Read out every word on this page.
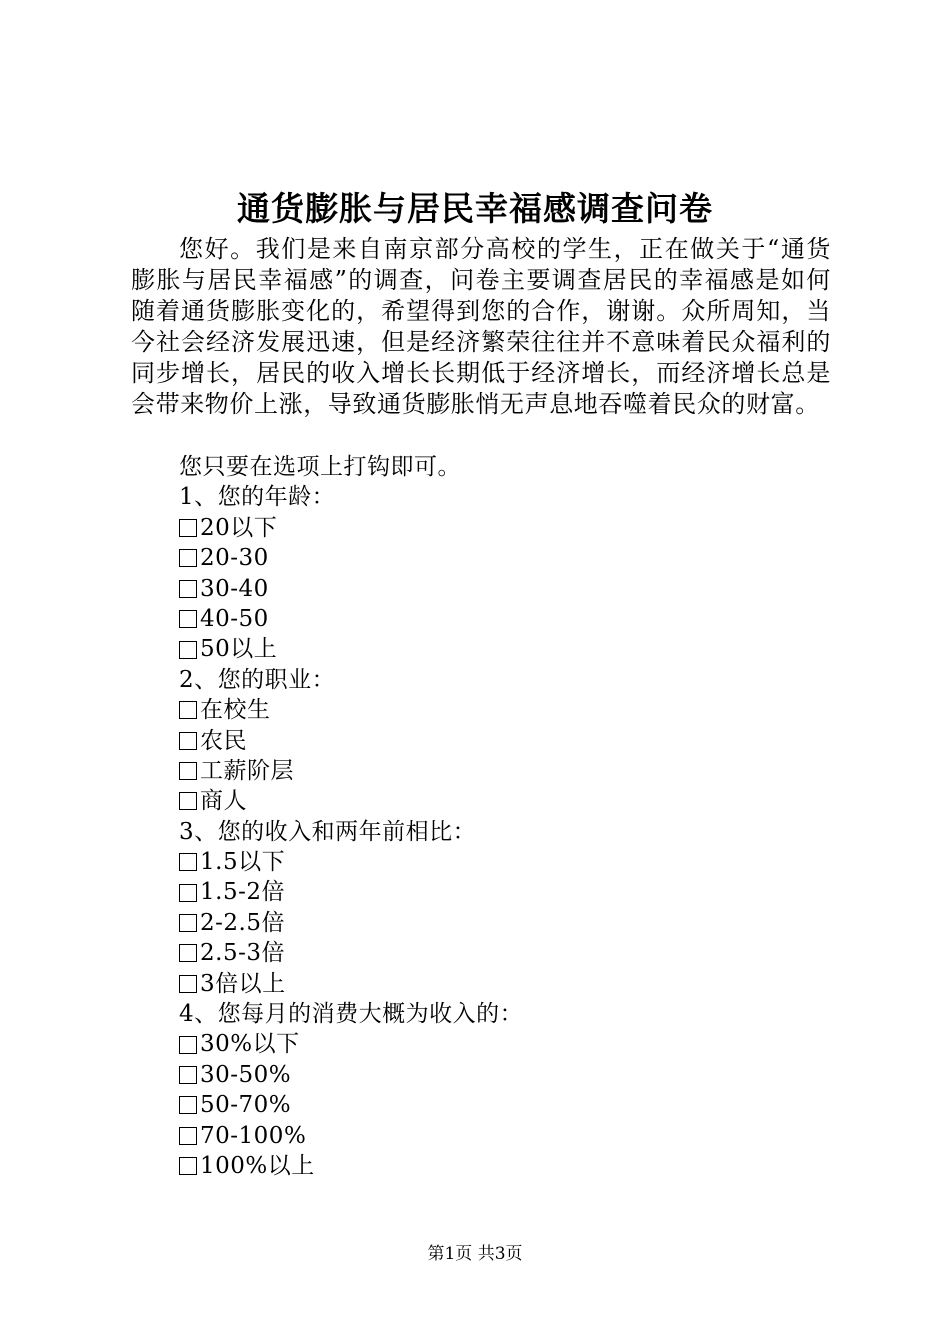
通货膨胀与居民幸福感调查问卷

您好。我们是来自南京部分高校的学生，正在做关于“通货膨胀与居民幸福感”的调查，问卷主要调查居民的幸福感是如何随着通货膨胀变化的，希望得到您的合作，谢谢。众所周知，当今社会经济发展迅速，但是经济繁荣往往并不意味着民众福利的同步增长，居民的收入增长长期低于经济增长，而经济增长总是会带来物价上涨，导致通货膨胀悄无声息地吞噬着民众的财富。

您只要在选项上打钩即可。
1、您的年龄：
20以下
20-30
30-40
40-50
50以上
2、您的职业：
在校生
农民
工薪阶层
商人
3、您的收入和两年前相比：
1.5以下
1.5-2倍
2-2.5倍
2.5-3倍
3倍以上
4、您每月的消费大概为收入的：
30%以下
30-50%
50-70%
70-100%
100%以上
第1页 共3页
